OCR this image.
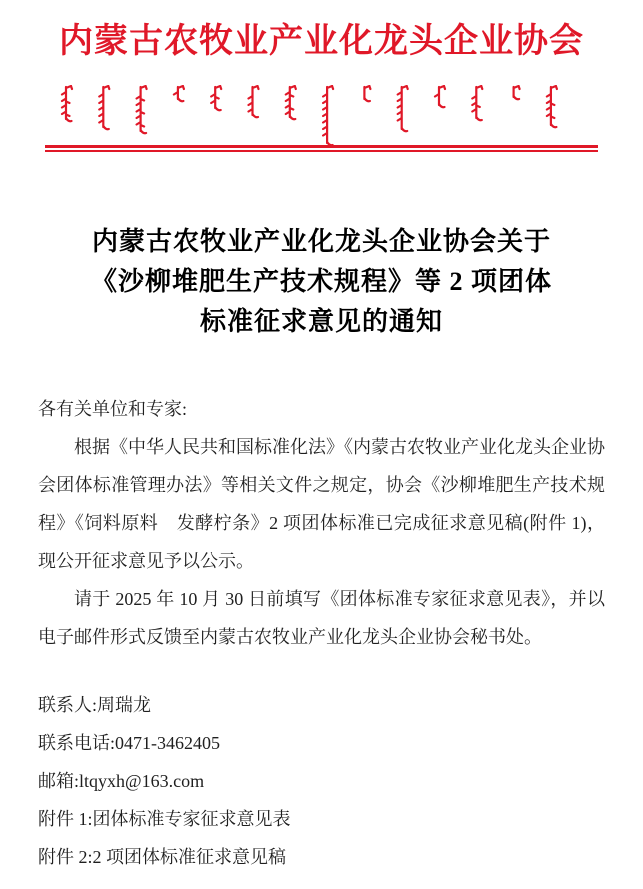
内蒙古农牧业产业化龙头企业协会
内蒙古农牧业产业化龙头企业协会关于
《沙柳堆肥生产技术规程》等 2 项团体
标准征求意见的通知

各有关单位和专家:

根据《中华人民共和国标准化法》《内蒙古农牧业产业化龙头企业协会团体标准管理办法》等相关文件之规定，协会《沙柳堆肥生产技术规程》《饲料原料　发酵柠条》2 项团体标准已完成征求意见稿(附件 1)，现公开征求意见予以公示。

请于 2025 年 10 月 30 日前填写《团体标准专家征求意见表》，并以电子邮件形式反馈至内蒙古农牧业产业化龙头企业协会秘书处。

联系人:周瑞龙

联系电话:0471-3462405

邮箱:ltqyxh@163.com

附件 1:团体标准专家征求意见表

附件 2:2 项团体标准征求意见稿
